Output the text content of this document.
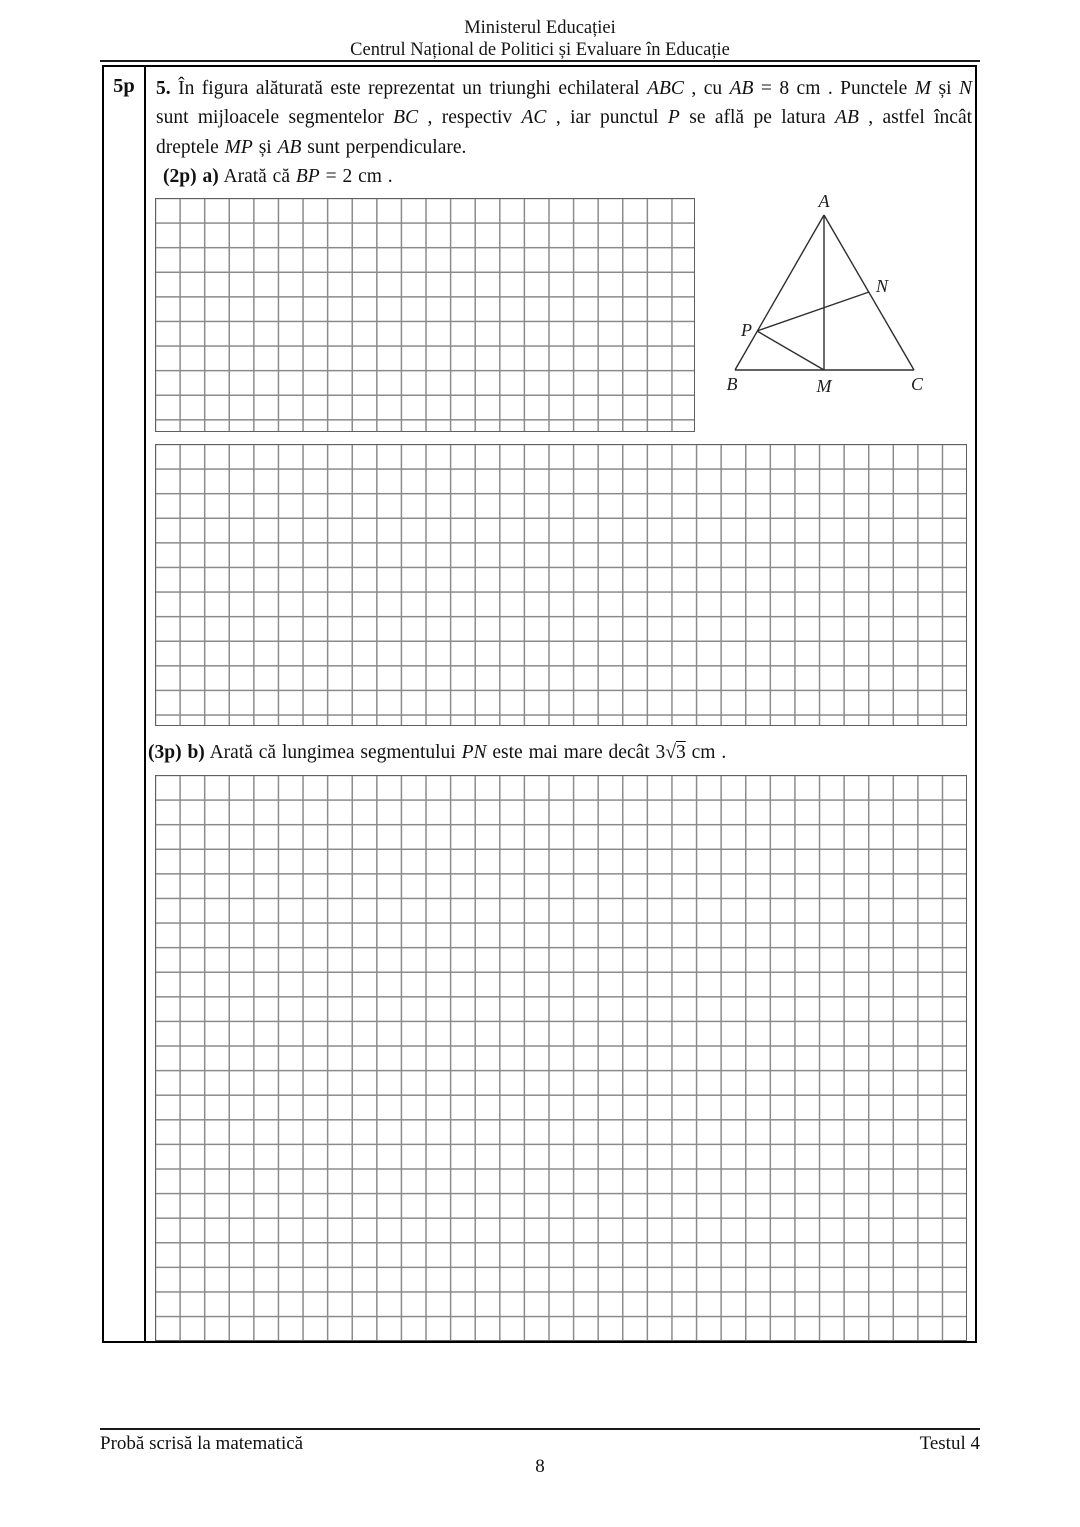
Ministerul Educației
Centrul Național de Politici și Evaluare în Educație
5p	5. În figura alăturată este reprezentat un triunghi echilateral ABC , cu AB = 8 cm . Punctele M și N
sunt mijloacele segmentelor BC , respectiv AC , iar punctul P se află pe latura AB , astfel încât
dreptele MP și AB sunt perpendiculare.
(2p) a) Arată că BP = 2 cm .
A
B	C
M
N
P
(3p) b) Arată că lungimea segmentului PN este mai mare decât 3√3 cm .
Probă scrisă la matematică	Testul 4
8
